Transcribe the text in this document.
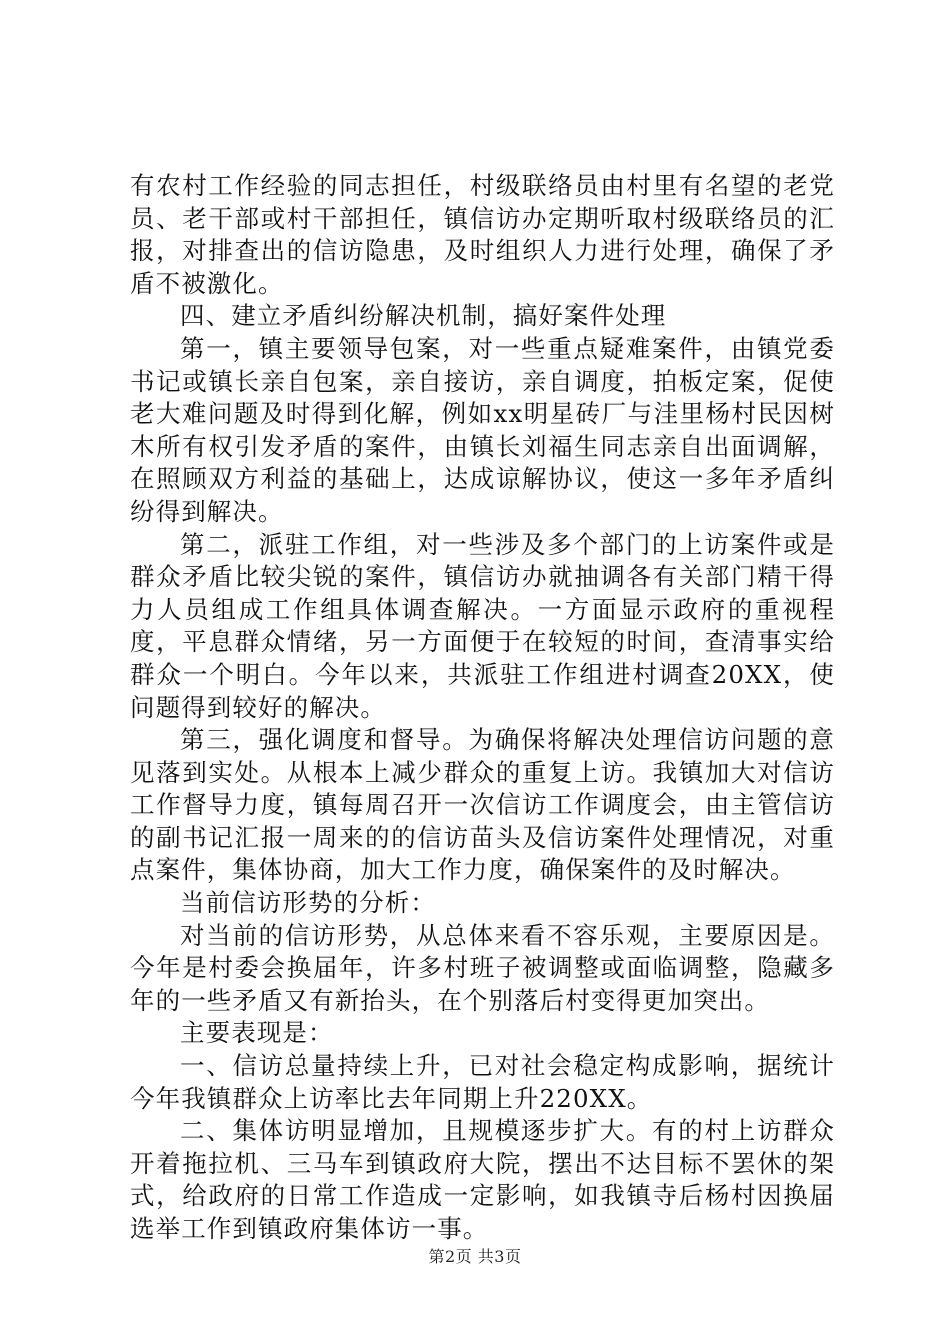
有农村工作经验的同志担任，村级联络员由村里有名望的老党员、老干部或村干部担任，镇信访办定期听取村级联络员的汇报，对排查出的信访隐患，及时组织人力进行处理，确保了矛盾不被激化。

四、建立矛盾纠纷解决机制，搞好案件处理

第一，镇主要领导包案，对一些重点疑难案件，由镇党委书记或镇长亲自包案，亲自接访，亲自调度，拍板定案，促使老大难问题及时得到化解，例如xx明星砖厂与洼里杨村民因树木所有权引发矛盾的案件，由镇长刘福生同志亲自出面调解，在照顾双方利益的基础上，达成谅解协议，使这一多年矛盾纠纷得到解决。

第二，派驻工作组，对一些涉及多个部门的上访案件或是群众矛盾比较尖锐的案件，镇信访办就抽调各有关部门精干得力人员组成工作组具体调查解决。一方面显示政府的重视程度，平息群众情绪，另一方面便于在较短的时间，查清事实给群众一个明白。今年以来，共派驻工作组进村调查20XX，使问题得到较好的解决。

第三，强化调度和督导。为确保将解决处理信访问题的意见落到实处。从根本上减少群众的重复上访。我镇加大对信访工作督导力度，镇每周召开一次信访工作调度会，由主管信访的副书记汇报一周来的的信访苗头及信访案件处理情况，对重点案件，集体协商，加大工作力度，确保案件的及时解决。

当前信访形势的分析：

对当前的信访形势，从总体来看不容乐观，主要原因是。今年是村委会换届年，许多村班子被调整或面临调整，隐藏多年的一些矛盾又有新抬头，在个别落后村变得更加突出。

主要表现是：

一、信访总量持续上升，已对社会稳定构成影响，据统计今年我镇群众上访率比去年同期上升220XX。

二、集体访明显增加，且规模逐步扩大。有的村上访群众开着拖拉机、三马车到镇政府大院，摆出不达目标不罢休的架式，给政府的日常工作造成一定影响，如我镇寺后杨村因换届选举工作到镇政府集体访一事。

第2页 共3页
